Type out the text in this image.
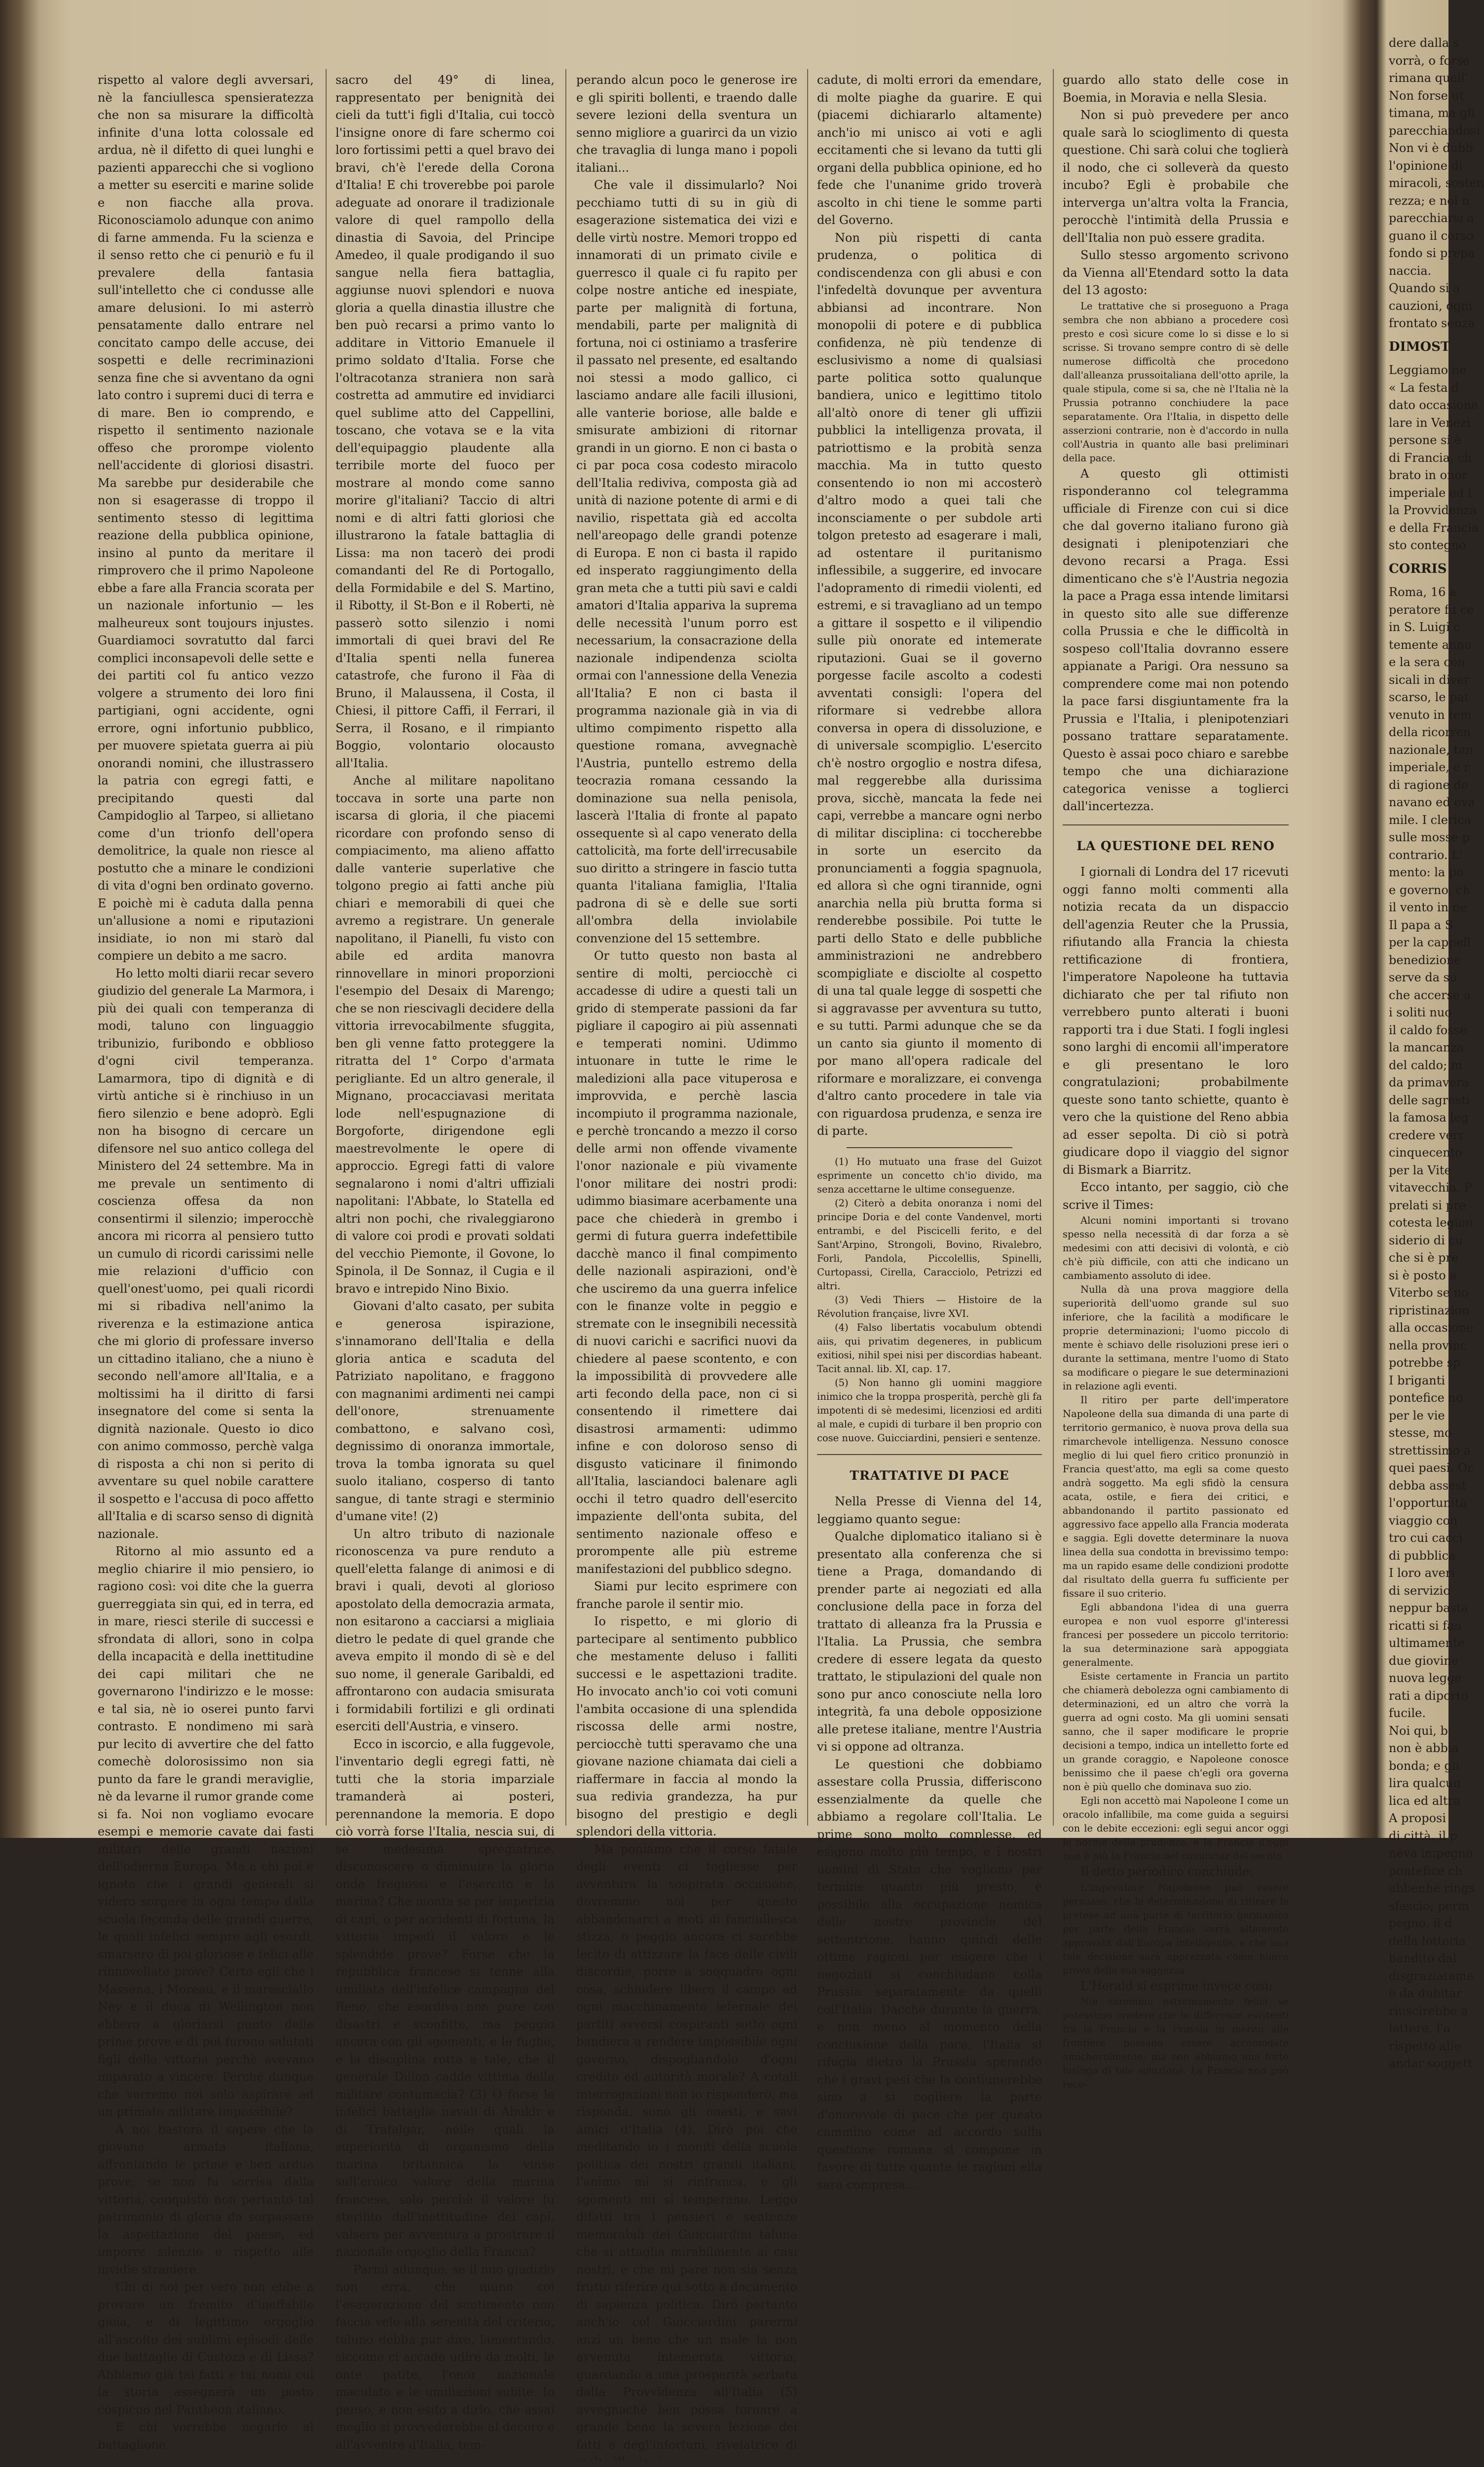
rispetto al valore degli avversari, nè la fanciullesca spensieratezza che non sa misurare la difficoltà infinite d'una lotta colossale ed ardua, nè il difetto di quei lunghi e pazienti apparecchi che si vogliono a metter su eserciti e marine solide e non fiacche alla prova. Riconosciamolo adunque con animo di farne ammenda. Fu la scienza e il senso retto che ci penuriò e fu il prevalere della fantasia sull'intelletto che ci condusse alle amare delusioni. Io mi asterrò pensatamente dallo entrare nel concitato campo delle accuse, dei sospetti e delle recriminazioni senza fine che si avventano da ogni lato contro i supremi duci di terra e di mare. Ben io comprendo, e rispetto il sentimento nazionale offeso che prorompe violento nell'accidente di gloriosi disastri. Ma sarebbe pur desiderabile che non si esagerasse di troppo il sentimento stesso di legittima reazione della pubblica opinione, insino al punto da meritare il rimprovero che il primo Napoleone ebbe a fare alla Francia scorata per un nazionale infortunio — les malheureux sont toujours injustes. Guardiamoci sovratutto dal farci complici inconsapevoli delle sette e dei partiti col fu antico vezzo volgere a strumento dei loro fini partigiani, ogni accidente, ogni errore, ogni infortunio pubblico, per muovere spietata guerra ai più onorandi nomini, che illustrassero la patria con egregi fatti, e precipitando questi dal Campidoglio al Tarpeo, si allietano come d'un trionfo dell'opera demolitrice, la quale non riesce al postutto che a minare le condizioni di vita d'ogni ben ordinato governo. E poichè mi è caduta dalla penna un'allusione a nomi e riputazioni insidiate, io non mi starò dal compiere un debito a me sacro.

Ho letto molti diarii recar severo giudizio del generale La Marmora, i più dei quali con temperanza di modi, taluno con linguaggio tribunizio, furibondo e obblioso d'ogni civil temperanza. Lamarmora, tipo di dignità e di virtù antiche si è rinchiuso in un fiero silenzio e bene adoprò. Egli non ha bisogno di cercare un difensore nel suo antico collega del Ministero del 24 settembre. Ma in me prevale un sentimento di coscienza offesa da non consentirmi il silenzio; imperocchè ancora mi ricorra al pensiero tutto un cumulo di ricordi carissimi nelle mie relazioni d'ufficio con quell'onest'uomo, pei quali ricordi mi si ribadiva nell'animo la riverenza e la estimazione antica che mi glorio di professare inverso un cittadino italiano, che a niuno è secondo nell'amore all'Italia, e a moltissimi ha il diritto di farsi insegnatore del come si senta la dignità nazionale. Questo io dico con animo commosso, perchè valga di risposta a chi non si perito di avventare su quel nobile carattere il sospetto e l'accusa di poco affetto all'Italia e di scarso senso di dignità nazionale.

Ritorno al mio assunto ed a meglio chiarire il mio pensiero, io ragiono così: voi dite che la guerra guerreggiata sin qui, ed in terra, ed in mare, riesci sterile di successi e sfrondata di allori, sono in colpa della incapacità e della inettitudine dei capi militari che ne governarono l'indirizzo e le mosse: e tal sia, nè io oserei punto farvi contrasto. E nondimeno mi sarà pur lecito di avvertire che del fatto comechè dolorosissimo non sia punto da fare le grandi meraviglie, nè da levarne il rumor grande come si fa. Noi non vogliamo evocare esempi e memorie cavate dai fasti militari delle grandi nazioni dell'odierna Europa. Ma a chi poi è ignoto che i grandi generali si videro sorgere in ogni tempo dalla scuola feconda delle grandi guerre, le quali infelici sempre agli esordi, smarsero di poi gloriose e felici alle rinnovellate prove? Certo egli che i Massena, i Moreau, e il maresciallo Ney e il duca di Wellington non ebbero a gloriarsi punto delle prime prove e di poi furono salutati figli della vittoria perchè avevano imparato a vincere. Perchè dunque che vorremo noi solo aspirare ad un primato militare impossibile?

A noi basterà il sapere che la giovane armata italiana, affrontando le prime e ben ardue prove, se non fu sorrisa dalla vittoria, conquistò non pertanto tal patrimonio di gloria da sorpassare la aspettazione del paese, ed imporre silenzio e rispetto alle invidie straniere.

Chi di noi per vero non ebbe a provare un fremito d'ineffabile gioia, e di legittimo orgoglio all'ascolto dei sublimi episodi delle due battaglie di Custoza e di Lissa? Abbiamo già tai fatti e tai nomi cui la storia assegnerà un posto cospicuo nel Pantheon italiano.

E chi vorrebbe negarlo al battaglione

sacro del 49° di linea, rappresentato per benignità dei cieli da tutt'i figli d'Italia, cui toccò l'insigne onore di fare schermo coi loro fortissimi petti a quel bravo dei bravi, ch'è l'erede della Corona d'Italia! E chi troverebbe poi parole adeguate ad onorare il tradizionale valore di quel rampollo della dinastia di Savoia, del Principe Amedeo, il quale prodigando il suo sangue nella fiera battaglia, aggiunse nuovi splendori e nuova gloria a quella dinastia illustre che ben può recarsi a primo vanto lo additare in Vittorio Emanuele il primo soldato d'Italia. Forse che l'oltracotanza straniera non sarà costretta ad ammutire ed invidiarci quel sublime atto del Cappellini, toscano, che votava se e la vita dell'equipaggio plaudente alla terribile morte del fuoco per mostrare al mondo come sanno morire gl'italiani? Taccio di altri nomi e di altri fatti gloriosi che illustrarono la fatale battaglia di Lissa: ma non tacerò dei prodi comandanti del Re di Portogallo, della Formidabile e del S. Martino, il Ribotty, il St-Bon e il Roberti, nè passerò sotto silenzio i nomi immortali di quei bravi del Re d'Italia spenti nella funerea catastrofe, che furono il Fàa di Bruno, il Malaussena, il Costa, il Chiesi, il pittore Caffi, il Ferrari, il Serra, il Rosano, e il rimpianto Boggio, volontario olocausto all'Italia.

Anche al militare napolitano toccava in sorte una parte non iscarsa di gloria, il che piacemi ricordare con profondo senso di compiacimento, ma alieno affatto dalle vanterie superlative che tolgono pregio ai fatti anche più chiari e memorabili di quei che avremo a registrare. Un generale napolitano, il Pianelli, fu visto con abile ed ardita manovra rinnovellare in minori proporzioni l'esempio del Desaix di Marengo; che se non riescivagli decidere della vittoria irrevocabilmente sfuggita, ben gli venne fatto proteggere la ritratta del 1° Corpo d'armata perigliante. Ed un altro generale, il Mignano, procacciavasi meritata lode nell'espugnazione di Borgoforte, dirigendone egli maestrevolmente le opere di approccio. Egregi fatti di valore segnalarono i nomi d'altri uffiziali napolitani: l'Abbate, lo Statella ed altri non pochi, che rivaleggiarono di valore coi prodi e provati soldati del vecchio Piemonte, il Govone, lo Spinola, il De Sonnaz, il Cugia e il bravo e intrepido Nino Bixio.

Giovani d'alto casato, per subita e generosa ispirazione, s'innamorano dell'Italia e della gloria antica e scaduta del Patriziato napolitano, e fraggono con magnanimi ardimenti nei campi dell'onore, strenuamente combattono, e salvano così, degnissimo di onoranza immortale, trova la tomba ignorata su quel suolo italiano, cosperso di tanto sangue, di tante stragi e sterminio d'umane vite! (2)

Un altro tributo di nazionale riconoscenza va pure renduto a quell'eletta falange di animosi e di bravi i quali, devoti al glorioso apostolato della democrazia armata, non esitarono a cacciarsi a migliaia dietro le pedate di quel grande che aveva empito il mondo di sè e del suo nome, il generale Garibaldi, ed affrontarono con audacia smisurata i formidabili fortilizi e gli ordinati eserciti dell'Austria, e vinsero.

Ecco in iscorcio, e alla fuggevole, l'inventario degli egregi fatti, nè tutti che la storia imparziale tramanderà ai posteri, perennandone la memoria. E dopo ciò vorrà forse l'Italia, nescia sui, di se medesima spregiatrice, disconoscere o diminuire la gloria onde fregiossi e l'esercito e la marina? Che monta se per imperizia di capi, o per accidenti di fortuna, la vittoria impedì il valore e le splendide prove? Forse che la repubblica francese si tenne alla umiliata dell'infelice campagna del Reno, che esordiva non pure con disastri e sconfitte, ma peggio ancora con gli sgomenti, e le fughe, e la disciplina rotta a tale, che il generale Dillon cadde vittima della militare contumacia? (3) O forse le infelici battaglie navali di Abukir e di Trafalgar, nelle quali la superiorità di organismo della marina britannica la vinse sull'eroico valore della marina francese, solo perchè il valore fu sterilito dall'inettitudine dei capi, valsero per avventura a prostrare il nazionale orgoglio della Francia?

Parmi adunque, se il mio giudizio non erra, che niuno coi l'esagerazione del sentimento non faccia velo alla serenità del criterio, taluno debba pur dire, lamentando, siccome ci accade udire da molti, le onte patite, l'onor nazionale maculato e le umiliazioni subite. Io penso, e non esito a dirlo, che assai meglio si provvederebbe al decoro e all'avvenire d'Italia, tem-

perando alcun poco le generose ire e gli spiriti bollenti, e traendo dalle severe lezioni della sventura un senno migliore a guarirci da un vizio che travaglia di lunga mano i popoli italiani...

Che vale il dissimularlo? Noi pecchiamo tutti di su in giù di esagerazione sistematica dei vizi e delle virtù nostre. Memori troppo ed innamorati di un primato civile e guerresco il quale ci fu rapito per colpe nostre antiche ed inespiate, parte per malignità di fortuna, mendabili, parte per malignità di fortuna, noi ci ostiniamo a trasferire il passato nel presente, ed esaltando noi stessi a modo gallico, ci lasciamo andare alle facili illusioni, alle vanterie boriose, alle balde e smisurate ambizioni di ritornar grandi in un giorno. E non ci basta o ci par poca cosa codesto miracolo dell'Italia rediviva, composta già ad unità di nazione potente di armi e di navilio, rispettata già ed accolta nell'areopago delle grandi potenze di Europa. E non ci basta il rapido ed insperato raggiungimento della gran meta che a tutti più savi e caldi amatori d'Italia appariva la suprema delle necessità l'unum porro est necessarium, la consacrazione della nazionale indipendenza sciolta ormai con l'annessione della Venezia all'Italia? E non ci basta il programma nazionale già in via di ultimo compimento rispetto alla questione romana, avvegnachè l'Austria, puntello estremo della teocrazia romana cessando la dominazione sua nella penisola, lascerà l'Italia di fronte al papato ossequente sì al capo venerato della cattolicità, ma forte dell'irrecusabile suo diritto a stringere in fascio tutta quanta l'italiana famiglia, l'Italia padrona di sè e delle sue sorti all'ombra della inviolabile convenzione del 15 settembre.

Or tutto questo non basta al sentire di molti, perciocchè ci accadesse di udire a questi tali un grido di stemperate passioni da far pigliare il capogiro ai più assennati e temperati nomini. Udimmo intuonare in tutte le rime le maledizioni alla pace vituperosa e improvvida, e perchè lascia incompiuto il programma nazionale, e perchè troncando a mezzo il corso delle armi non offende vivamente l'onor nazionale e più vivamente l'onor militare dei nostri prodi: udimmo biasimare acerbamente una pace che chiederà in grembo i germi di futura guerra indefettibile dacchè manco il final compimento delle nazionali aspirazioni, ond'è che usciremo da una guerra infelice con le finanze volte in peggio e stremate con le insegnibili necessità di nuovi carichi e sacrifici nuovi da chiedere al paese scontento, e con la impossibilità di provvedere alle arti fecondo della pace, non ci si consentendo il rimettere dai disastrosi armamenti: udimmo infine e con doloroso senso di disgusto vaticinare il finimondo all'Italia, lasciandoci balenare agli occhi il tetro quadro dell'esercito impaziente dell'onta subita, del sentimento nazionale offeso e prorompente alle più estreme manifestazioni del pubblico sdegno.

Siami pur lecito esprimere con franche parole il sentir mio.

Io rispetto, e mi glorio di partecipare al sentimento pubblico che mestamente deluso i falliti successi e le aspettazioni tradite. Ho invocato anch'io coi voti comuni l'ambita occasione di una splendida riscossa delle armi nostre, perciocchè tutti speravamo che una giovane nazione chiamata dai cieli a riaffermare in faccia al mondo la sua redivia grandezza, ha pur bisogno del prestigio e degli splendori della vittoria.

Ma poniamo che il corso fatale degli eventi ci togliesse per avventura la sospirata occasione, dovremmo noi per questo abbandonarci a moti di fanciullesca stizza, o peggio ancora ci sarebbe lecito di attizzare la face delle civili discordie, porre a soqquadro ogni cosa, schiudere libero il campo ad ogni macchinamento iefernale dei partiti avversi cospiranti sotto ogni bandiera a rendere impossibile ogni governo, dispogliandolo d'ogni credito ed autorità morale? A cotali interrogazioni non io risponderò, ma risponda, sono gli onesti, e savi amici d'Italia (4). Dirò poi che meditando io i moniti della scuola politica dei nostri grandi italiani, l'animo mi si rinfranca, e gli sgomenti mi si temperano. Leggo difatti tra i pensieri e sentenze memorabili del Guicciardini taluna che si attaglia mirabilmente ai casi nostri, e che mi pare non sia senza frutto riferire qui sotto a documento di sapienza politica. Dirò pertanto anch'io col Guicciardini parermi anzi un bene che un male la non avvenuta intemerata vittoria, guardando a una prosperità serbata dalla Provvidenza all'Italia (5) avvegnachè ben possa tornare a grande bene la severa lezione dei fatti e degl'infortuni, rivelatrice di

cadute, di molti errori da emendare, di molte piaghe da guarire. E qui (piacemi dichiararlo altamente) anch'io mi unisco ai voti e agli eccitamenti che si levano da tutti gli organi della pubblica opinione, ed ho fede che l'unanime grido troverà ascolto in chi tiene le somme parti del Governo.

Non più rispetti di canta prudenza, o politica di condiscendenza con gli abusi e con l'infedeltà dovunque per avventura abbiansi ad incontrare. Non monopolii di potere e di pubblica confidenza, nè più tendenze di esclusivismo a nome di qualsiasi parte politica sotto qualunque bandiera, unico e legittimo titolo all'altò onore di tener gli uffizii pubblici la intelligenza provata, il patriottismo e la probità senza macchia. Ma in tutto questo consentendo io non mi accosterò d'altro modo a quei tali che inconsciamente o per subdole arti tolgon pretesto ad esagerare i mali, ad ostentare il puritanismo inflessibile, a suggerire, ed invocare l'adopramento di rimedii violenti, ed estremi, e si travagliano ad un tempo a gittare il sospetto e il vilipendio sulle più onorate ed intemerate riputazioni. Guai se il governo porgesse facile ascolto a codesti avventati consigli: l'opera del riformare si vedrebbe allora conversa in opera di dissoluzione, e di universale scompiglio. L'esercito ch'è nostro orgoglio e nostra difesa, mal reggerebbe alla durissima prova, sicchè, mancata la fede nei capi, verrebbe a mancare ogni nerbo di militar disciplina: ci toccherebbe in sorte un esercito da pronunciamenti a foggia spagnuola, ed allora sì che ogni tirannide, ogni anarchia nella più brutta forma si renderebbe possibile. Poi tutte le parti dello Stato e delle pubbliche amministrazioni ne andrebbero scompigliate e disciolte al cospetto di una tal quale legge di sospetti che si aggravasse per avventura su tutto, e su tutti. Parmi adunque che se da un canto sia giunto il momento di por mano all'opera radicale del riformare e moralizzare, ei convenga d'altro canto procedere in tale via con riguardosa prudenza, e senza ire di parte.

(1) Ho mutuato una frase del Guizot esprimente un concetto ch'io divido, ma senza accettarne le ultime conseguenze.

(2) Citerò a debita onoranza i nomi del principe Doria e del conte Vandenvel, morti entrambi, e del Piscicelli ferito, e del Sant'Arpino, Strongoli, Bovino, Rivalebro, Forli, Pandola, Piccolellis, Spinelli, Curtopassi, Cirella, Caracciolo, Petrizzi ed altri.

(3) Vedi Thiers — Histoire de la Révolution française, livre XVI.

(4) Falso libertatis vocabulum obtendi aiis, qui privatim degeneres, in publicum exitiosi, nihil spei nisi per discordias habeant. Tacit annal. lib. XI, cap. 17.

(5) Non hanno gli uomini maggiore inimico che la troppa prosperità, perchè gli fa impotenti di sè medesimi, licenziosi ed arditi al male, e cupidi di turbare il ben proprio con cose nuove. Guicciardini, pensieri e sentenze.

TRATTATIVE DI PACE

Nella Presse di Vienna del 14, leggiamo quanto segue:

Qualche diplomatico italiano si è presentato alla conferenza che si tiene a Praga, domandando di prender parte ai negoziati ed alla conclusione della pace in forza del trattato di alleanza fra la Prussia e l'Italia. La Prussia, che sembra credere di essere legata da questo trattato, le stipulazioni del quale non sono pur anco conosciute nella loro integrità, fa una debole opposizione alle pretese italiane, mentre l'Austria vi si oppone ad oltranza.

Le questioni che dobbiamo assestare colla Prussia, differiscono essenzialmente da quelle che abbiamo a regolare coll'Italia. Le prime sono molto complesse, ed esigono molto più tempo, e i nostri uomini di Stato che vogliono per termine quanto più presto, è possibile alla occupazione nemica delle nostre provincie del settentrione, hanno quindi delle ottime ragioni per esigere che i negoziati si conchiudano colla Prussia separatamente da quelli coll'Italia. Dacchè durante la guerra, e non meno al momento della conclusione della pace, l'Italia si rifugia dietro la Prussia sperando che i gravi pesi che la contiunerebbe sino a si cogliere la parte d'onorevole di pace che per questo cammino come ad accordo sulla questione romana si compone in favore di tutte quante le ragioni ella sarà compresa...

guardo allo stato delle cose in Boemia, in Moravia e nella Slesia.

Non si può prevedere per anco quale sarà lo scioglimento di questa questione. Chi sarà colui che toglierà il nodo, che ci solleverà da questo incubo? Egli è probabile che interverga un'altra volta la Francia, perocchè l'intimità della Prussia e dell'Italia non può essere gradita.

Sullo stesso argomento scrivono da Vienna all'Etendard sotto la data del 13 agosto:

Le trattative che si proseguono a Praga sembra che non abbiano a procedere così presto e così sicure come lo si disse e lo si scrisse. Si trovano sempre contro di sè delle numerose difficoltà che procedono dall'alleanza prussoitaliana dell'otto aprile, la quale stipula, come si sa, che nè l'Italia nè la Prussia potranno conchiudere la pace separatamente. Ora l'Italia, in dispetto delle asserzioni contrarie, non è d'accordo in nulla coll'Austria in quanto alle basi preliminari della pace.

A questo gli ottimisti risponderanno col telegramma ufficiale di Firenze con cui si dice che dal governo italiano furono già designati i plenipotenziari che devono recarsi a Praga. Essi dimenticano che s'è l'Austria negozia la pace a Praga essa intende limitarsi in questo sito alle sue differenze colla Prussia e che le difficoltà in sospeso coll'Italia dovranno essere appianate a Parigi. Ora nessuno sa comprendere come mai non potendo la pace farsi disgiuntamente fra la Prussia e l'Italia, i plenipotenziari possano trattare separatamente. Questo è assai poco chiaro e sarebbe tempo che una dichiarazione categorica venisse a toglierci dall'incertezza.

LA QUESTIONE DEL RENO

I giornali di Londra del 17 ricevuti oggi fanno molti commenti alla notizia recata da un dispaccio dell'agenzia Reuter che la Prussia, rifiutando alla Francia la chiesta rettificazione di frontiera, l'imperatore Napoleone ha tuttavia dichiarato che per tal rifiuto non verrebbero punto alterati i buoni rapporti tra i due Stati. I fogli inglesi sono larghi di encomii all'imperatore e gli presentano le loro congratulazioni; probabilmente queste sono tanto schiette, quanto è vero che la quistione del Reno abbia ad esser sepolta. Di ciò si potrà giudicare dopo il viaggio del signor di Bismark a Biarritz.

Ecco intanto, per saggio, ciò che scrive il Times:

Alcuni nomini importanti si trovano spesso nella necessità di dar forza a sè medesimi con atti decisivi di volontà, e ciò ch'è più difficile, con atti che indicano un cambiamento assoluto di idee.

Nulla dà una prova maggiore della superiorità dell'uomo grande sul suo inferiore, che la facilità a modificare le proprie determinazioni; l'uomo piccolo di mente è schiavo delle risoluzioni prese ieri o durante la settimana, mentre l'uomo di Stato sa modificare o piegare le sue determinazioni in relazione agli eventi.

Il ritiro per parte dell'imperatore Napoleone della sua dimanda di una parte di territorio germanico, è nuova prova della sua rimarchevole intelligenza. Nessuno conosce meglio di lui quel fiero critico pronunziò in Francia quest'atto, ma egli sa come questo andrà soggetto. Ma egli sfidò la censura acata, ostile, e fiera dei critici, e abbandonando il partito passionato ed aggressivo face appello alla Francia moderata e saggia. Egli dovette determinare la nuova linea della sua condotta in brevissimo tempo: ma un rapido esame delle condizioni prodotte dal risultato della guerra fu sufficiente per fissare il suo criterio.

Egli abbandona l'idea di una guerra europea e non vuol esporre gl'interessi francesi per possedere un piccolo territorio: la sua determinazione sarà appoggiata generalmente.

Esiste certamente in Francia un partito che chiamerà debolezza ogni cambiamento di determinazioni, ed un altro che vorrà la guerra ad ogni costo. Ma gli uomini sensati sanno, che il saper modificare le proprie decisioni a tempo, indica un intelletto forte ed un grande coraggio, e Napoleone conosce benissimo che il paese ch'egli ora governa non è più quello che dominava suo zio.

Egli non accettò mai Napoleone I come un oracolo infallibile, ma come guida a seguirsi con le debite eccezioni: egli segui ancor oggi le norme della prudenza, e la Francia d'oggi non è più la Francia del cominciar del secolo.

Il detto periodico conchiude:

L'imperatore Napoleone può essere persuaso, che la determinazione di ritirare le pretese ad una parte di territorio germanico per parte della Francia verrà altamente approvata dall'Europa intelligente, e che una tale decisione sarà apprezzata come nuova prova della sua saggezza.

L'Herald si esprime invece così:

Noi saremmo estremamente felici se potessimo credere che le differenze esistenti fra la Francia e la Prussia in merito alle frontiere possano essere accomodate amichevolmente; ma non abbiamo una forte lusinga di tale soluzione. La Francia non può rece-

dere dalla s
vorrà, o forse
rimana quell'
Non forse ut
timana, ma gli
parecchiandosi
Non vi è dubb
l'opinione di
miracoli, sosten
rezza; e noi n
parecchiarsi a
guano il corso
fondo si prepa
naccia.
Quando si a
cauzioni, ogni
frontato senza
DIMOST
Leggiamo ne
« La festa d
dato occasione
lare in Venezi
persone si è
di Francia, ch
brato in onor
imperiale ed i
la Provvidenza
e della Francia
sto contegno
CORRIS
Roma, 16 a
peratore fu ce
in S. Luigi c
temente annu
e la sera con
sicali in diver
scarso, le pat
venuto in tem
della ricorren
nazionale, tan
imperiale, e r
di ragione de
navano ed eva
mile. I clerica
sulle mosse p
contrario. L'
mento: la po
e governo, ch
il vento in ne
Il papa a S
per la cappell
benedizione
serve da su
che accerse a
i soliti nuo
il caldo fosse
la mancanza
del caldo; m
da primavera
delle sagresti
la famosa leg
credere verr
cinquecento
per la Vite
vitavecchia. P
prelati si pre
cotesta legion
siderio di cu
che si è pre
si è posto a
Viterbo se no
ripristinazion
alla occasione
nella provinc
potrebbe sp
I briganti
pontefice no
per le vie
stesse, mo
strettissimo a
quei paesi. Or
debba assest
l'opportunità
viaggio con
tro cui cacci
di pubblica
I loro averi
di servizio
neppur basta
ricatti si fan
ultimamente
due giovine
nuova legge
rati a diporto
fucile.
Noi qui, b
non è abbia
bonda; e gli
lira qualcun
lica ed altra
A proposi
di città, il p
neva impegno
pontefice ch
abbenhè rings
sfascio; perm
pegno, il d
della lotteria
bandito dal
disgraziatame
e da dubitar
riuscirebbe a
lettere, l'a
rispetto alle
andar soggett
